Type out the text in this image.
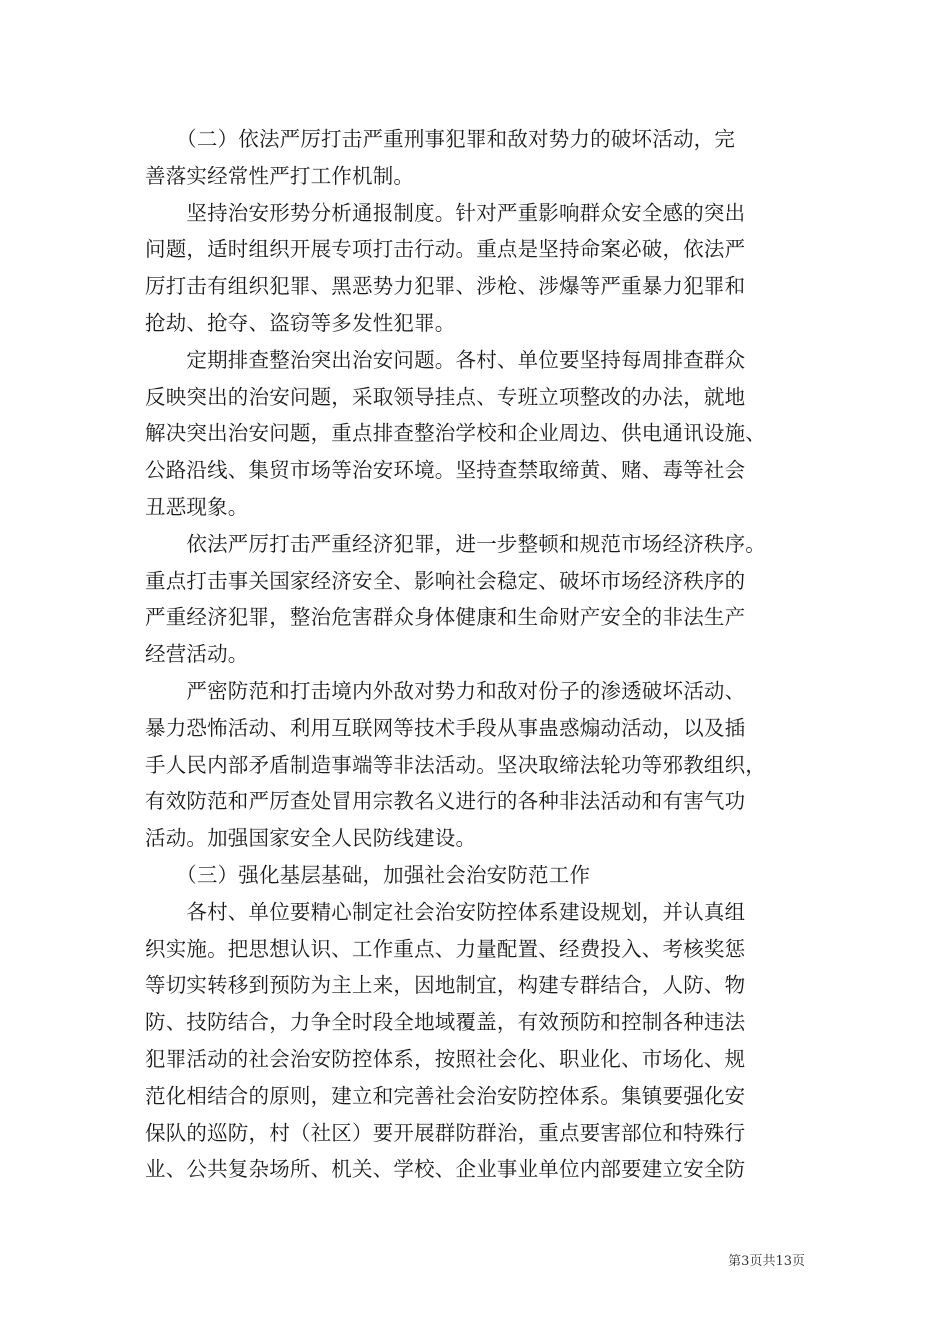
　　（二）依法严厉打击严重刑事犯罪和敌对势力的破坏活动，完
善落实经常性严打工作机制。
　　坚持治安形势分析通报制度。针对严重影响群众安全感的突出
问题，适时组织开展专项打击行动。重点是坚持命案必破，依法严
厉打击有组织犯罪、黑恶势力犯罪、涉枪、涉爆等严重暴力犯罪和
抢劫、抢夺、盗窃等多发性犯罪。
　　定期排查整治突出治安问题。各村、单位要坚持每周排查群众
反映突出的治安问题，采取领导挂点、专班立项整改的办法，就地
解决突出治安问题，重点排查整治学校和企业周边、供电通讯设施、
公路沿线、集贸市场等治安环境。坚持查禁取缔黄、赌、毒等社会
丑恶现象。
　　依法严厉打击严重经济犯罪，进一步整顿和规范市场经济秩序。
重点打击事关国家经济安全、影响社会稳定、破坏市场经济秩序的
严重经济犯罪，整治危害群众身体健康和生命财产安全的非法生产
经营活动。
　　严密防范和打击境内外敌对势力和敌对份子的渗透破坏活动、
暴力恐怖活动、利用互联网等技术手段从事蛊惑煽动活动，以及插
手人民内部矛盾制造事端等非法活动。坚决取缔法轮功等邪教组织，
有效防范和严厉查处冒用宗教名义进行的各种非法活动和有害气功
活动。加强国家安全人民防线建设。
　　（三）强化基层基础，加强社会治安防范工作
　　各村、单位要精心制定社会治安防控体系建设规划，并认真组
织实施。把思想认识、工作重点、力量配置、经费投入、考核奖惩
等切实转移到预防为主上来，因地制宜，构建专群结合，人防、物
防、技防结合，力争全时段全地域覆盖，有效预防和控制各种违法
犯罪活动的社会治安防控体系，按照社会化、职业化、市场化、规
范化相结合的原则，建立和完善社会治安防控体系。集镇要强化安
保队的巡防，村（社区）要开展群防群治，重点要害部位和特殊行
业、公共复杂场所、机关、学校、企业事业单位内部要建立安全防
第3页共13页
